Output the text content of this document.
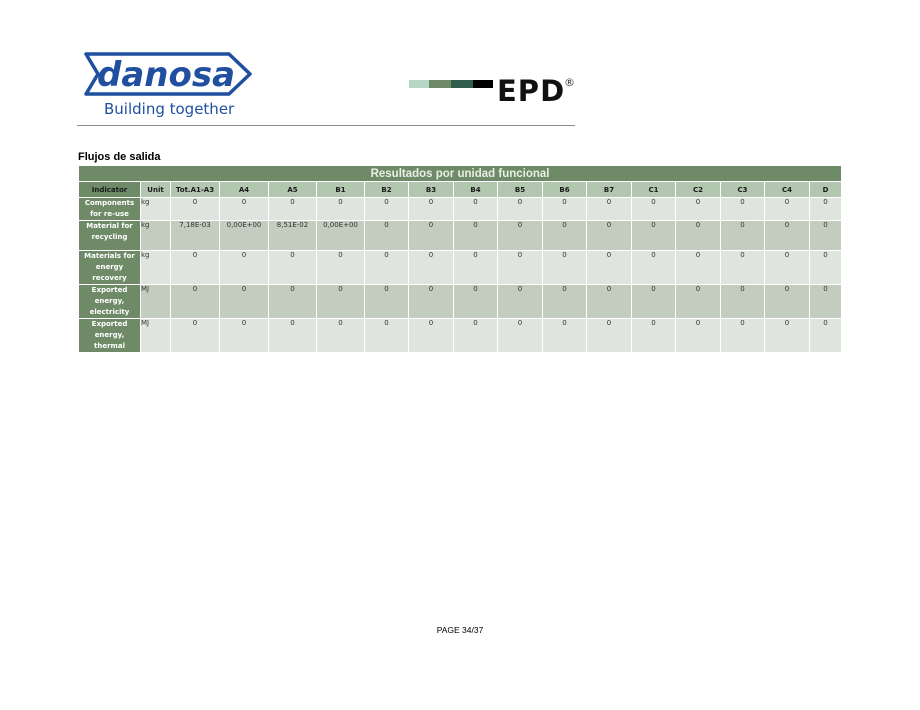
danosa
Building together
EPD
®
Flujos de salida
Resultados por unidad funcional																
Indicator	Unit	Tot.A1-A3	A4	A5	B1	B2	B3	B4	B5	B6	B7	C1	C2	C3	C4	D

Components
for re-use	kg	0	0	0	0	0	0	0	0	0	0	0	0	0	0	0

Material for
recycling	kg	7,18E-03	0,00E+00	8,51E-02	0,00E+00	0	0	0	0	0	0	0	0	0	0	0

Materials for
energy
recovery	kg	0	0	0	0	0	0	0	0	0	0	0	0	0	0	0

Exported
energy,
electricity	MJ	0	0	0	0	0	0	0	0	0	0	0	0	0	0	0

Exported
energy,
thermal	MJ	0	0	0	0	0	0	0	0	0	0	0	0	0	0	0
PAGE 34/37
